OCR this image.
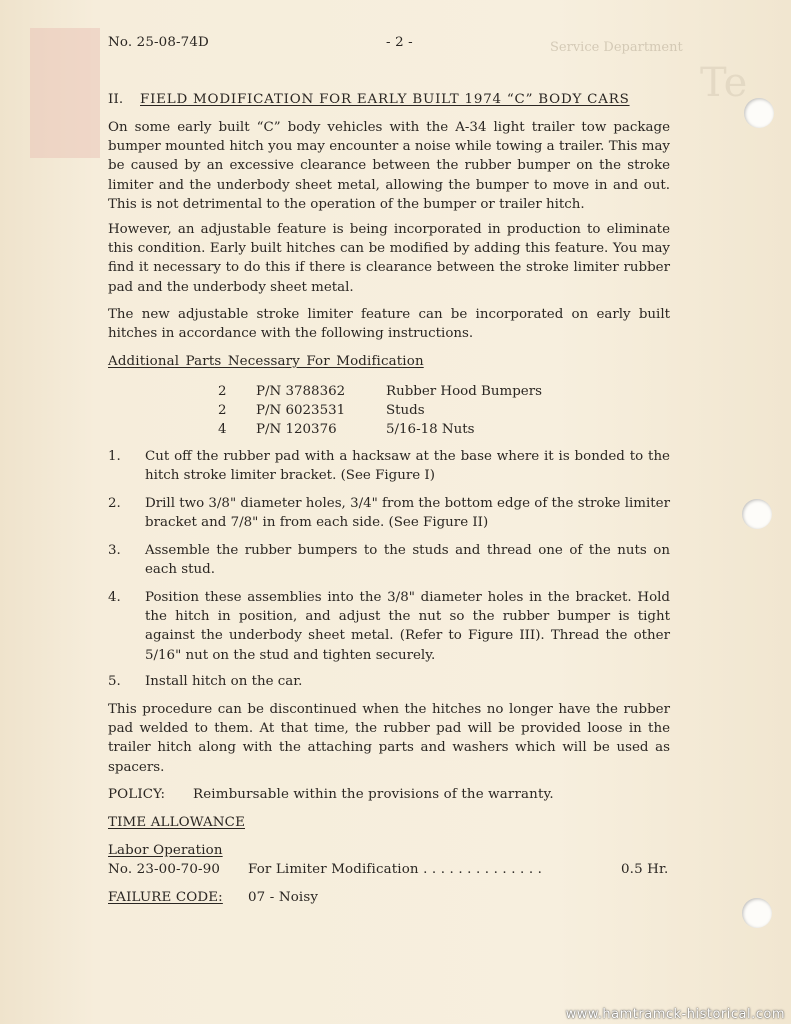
Service Department
Te
No. 25-08-74D	- 2 -
II. FIELD MODIFICATION FOR EARLY BUILT 1974 “C” BODY CARS
On some early built “C” body vehicles with the A-34 light trailer tow package bumper mounted hitch you may encounter a noise while towing a trailer. This may be caused by an excessive clearance between the rubber bumper on the stroke limiter and the underbody sheet metal, allowing the bumper to move in and out. This is not detrimental to the operation of the bumper or trailer hitch.
However, an adjustable feature is being incorporated in production to eliminate this condition. Early built hitches can be modified by adding this feature. You may find it necessary to do this if there is clearance between the stroke limiter rubber pad and the underbody sheet metal.
The new adjustable stroke limiter feature can be incorporated on early built hitches in accordance with the following instructions.
Additional Parts Necessary For Modification
2	P/N 3788362	Rubber Hood Bumpers
2	P/N 6023531	Studs
4	P/N 120376	5/16-18 Nuts
1. Cut off the rubber pad with a hacksaw at the base where it is bonded to the hitch stroke limiter bracket. (See Figure I)
2. Drill two 3/8" diameter holes, 3/4" from the bottom edge of the stroke limiter bracket and 7/8" in from each side. (See Figure II)
3. Assemble the rubber bumpers to the studs and thread one of the nuts on each stud.
4. Position these assemblies into the 3/8" diameter holes in the bracket. Hold the hitch in position, and adjust the nut so the rubber bumper is tight against the underbody sheet metal. (Refer to Figure III). Thread the other 5/16" nut on the stud and tighten securely.
5. Install hitch on the car.
This procedure can be discontinued when the hitches no longer have the rubber pad welded to them. At that time, the rubber pad will be provided loose in the trailer hitch along with the attaching parts and washers which will be used as spacers.
POLICY: Reimbursable within the provisions of the warranty.
TIME ALLOWANCE
Labor Operation
No. 23-00-70-90 For Limiter Modification . . . . . . . . . . . . . .	0.5 Hr.
FAILURE CODE: 07 - Noisy
www.hamtramck-historical.com
